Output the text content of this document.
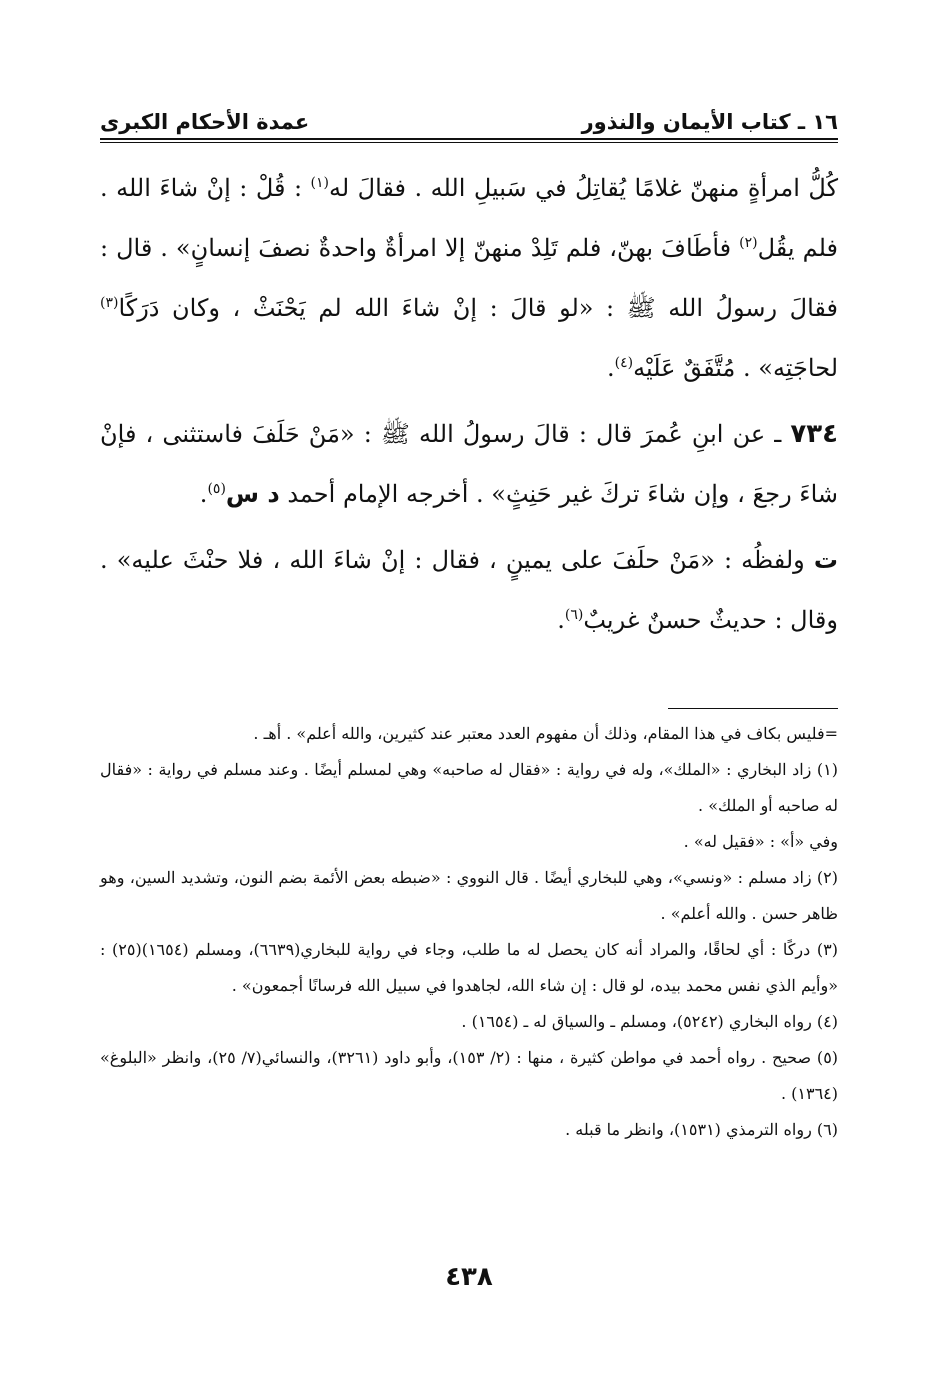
١٦ ـ كتاب الأيمان والنذور
عمدة الأحكام الكبرى

كُلُّ امرأةٍ منهنّ غلامًا يُقاتِلُ في سَبيلِ الله . فقالَ له$^{(١)}$ : قُلْ : إنْ شاءَ الله . فلم يقُل$^{(٢)}$ فأطَافَ بهنّ، فلم تَلِدْ منهنّ إلا امرأةٌ واحدةٌ نصفَ إنسانٍ» . قال : فقالَ رسولُ الله ﷺ : «لو قالَ : إنْ شاءَ الله لم يَحْنَثْ ، وكان دَرَكًا$^{(٣)}$ لحاجَتِه» . مُتَّفَقٌ عَلَيْه$^{(٤)}$.

٧٣٤ ـ عن ابنِ عُمرَ قال : قالَ رسولُ الله ﷺ : «مَنْ حَلَفَ فاستثنى ، فإنْ شاءَ رجعَ ، وإن شاءَ تركَ غير حَنِثٍ» . أخرجه الإمام أحمد د س$^{(٥)}$.

ت ولفظُه : «مَنْ حلَفَ على يمينٍ ، فقال : إنْ شاءَ الله ، فلا حنْثَ عليه» . وقال : حديثٌ حسنٌ غريبٌ$^{(٦)}$.

=فليس بكاف في هذا المقام، وذلك أن مفهوم العدد معتبر عند كثيرين، والله أعلم» . أهـ .

(١) زاد البخاري : «الملك»، وله في رواية : «فقال له صاحبه» وهي لمسلم أيضًا . وعند مسلم في رواية : «فقال له صاحبه أو الملك» .

وفي «أ» : «فقيل له» .

(٢) زاد مسلم : «ونسي»، وهي للبخاري أيضًا . قال النووي : «ضبطه بعض الأئمة بضم النون، وتشديد السين، وهو ظاهر حسن . والله أعلم» .

(٣) دركًا : أي لحاقًا، والمراد أنه كان يحصل له ما طلب، وجاء في رواية للبخاري(٦٦٣٩)، ومسلم (١٦٥٤)(٢٥) : «وأيم الذي نفس محمد بيده، لو قال : إن شاء الله، لجاهدوا في سبيل الله فرسانًا أجمعون» .

(٤) رواه البخاري (٥٢٤٢)، ومسلم ـ والسياق له ـ (١٦٥٤) .

(٥) صحيح . رواه أحمد في مواطن كثيرة ، منها : (٢/ ١٥٣)، وأبو داود (٣٢٦١)، والنسائي(٧/ ٢٥)، وانظر «البلوغ» (١٣٦٤) .

(٦) رواه الترمذي (١٥٣١)، وانظر ما قبله .

٤٣٨
